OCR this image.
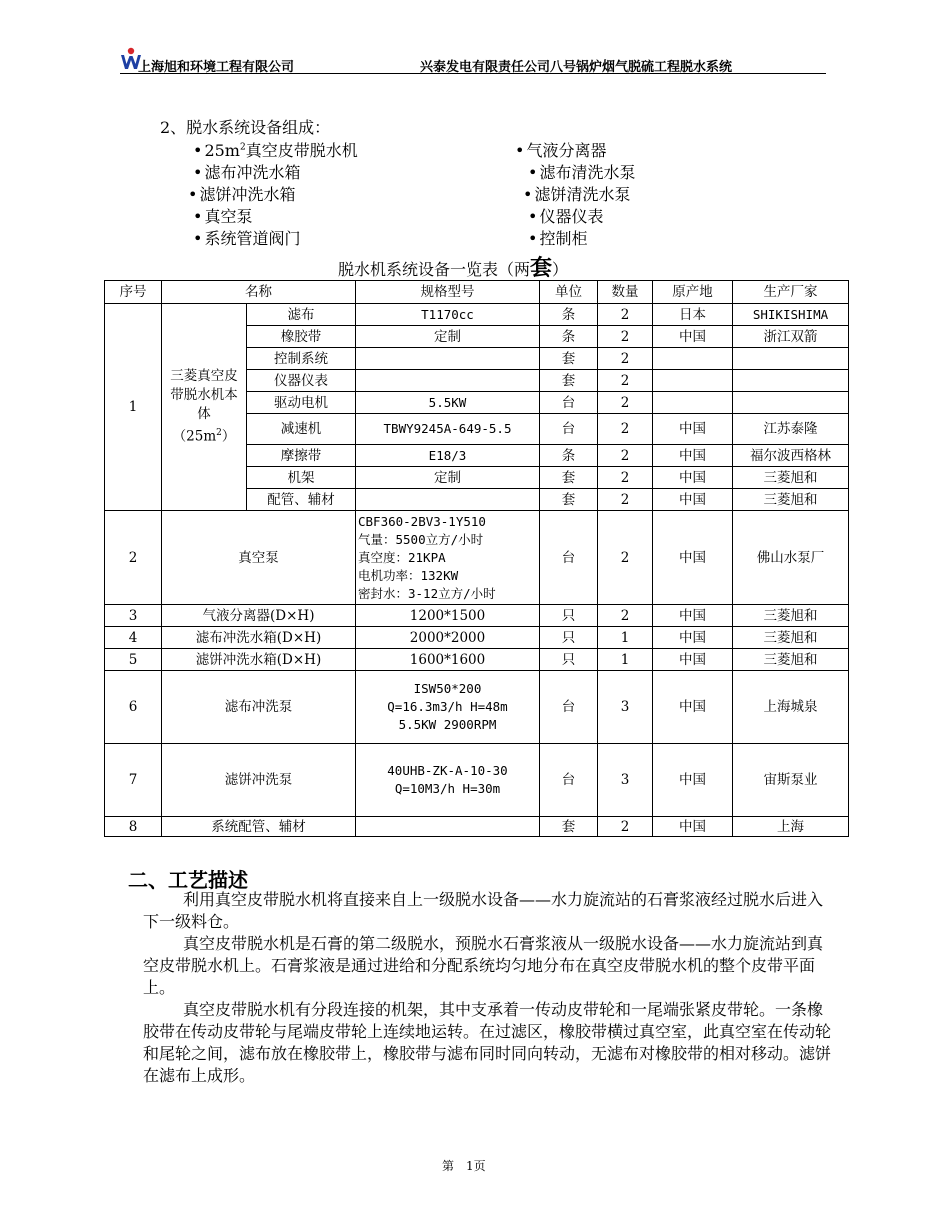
上海旭和环境工程有限公司	兴泰发电有限责任公司八号锅炉烟气脱硫工程脱水系统
2、脱水系统设备组成：
• $25m^2$真空皮带脱水机
• 滤布冲洗水箱
• 滤饼冲洗水箱
• 真空泵
• 系统管道阀门
• 气液分离器
• 滤布清洗水泵
• 滤饼清洗水泵
• 仪器仪表
• 控制柜
脱水机系统设备一览表（两套）
序号	名称		规格型号	单位	数量	原产地	生产厂家
1	三菱真空皮带脱水机本体$(25m^2)$	滤布	T1170cc	条	2	日本	SHIKISHIMA
		橡胶带	定制	条	2	中国	浙江双箭
		控制系统		套	2		
		仪器仪表		套	2		
		驱动电机	5.5KW	台	2		
		减速机	TBWY9245A-649-5.5	台	2	中国	江苏泰隆
		摩擦带	E18/3	条	2	中国	福尔波西格林
		机架	定制	套	2	中国	三菱旭和
		配管、辅材		套	2	中国	三菱旭和
2	真空泵		CBF360-2BV3-1Y510
气量：5500立方/小时
真空度：21KPA
电机功率：132KW
密封水：3-12立方/小时	台	2	中国	佛山水泵厂
3	气液分离器(D×H)		1200*1500	只	2	中国	三菱旭和
4	滤布冲洗水箱(D×H)		2000*2000	只	1	中国	三菱旭和
5	滤饼冲洗水箱(D×H)		1600*1600	只	1	中国	三菱旭和
6	滤布冲洗泵		ISW50*200
Q=16.3m3/h H=48m
5.5KW 2900RPM	台	3	中国	上海城泉
7	滤饼冲洗泵		40UHB-ZK-A-10-30
Q=10M3/h H=30m	台	3	中国	宙斯泵业
8	系统配管、辅材			套	2	中国	上海
二、工艺描述
利用真空皮带脱水机将直接来自上一级脱水设备——水力旋流站的石膏浆液经过脱水后进入下一级料仓。
真空皮带脱水机是石膏的第二级脱水，预脱水石膏浆液从一级脱水设备——水力旋流站到真空皮带脱水机上。石膏浆液是通过进给和分配系统均匀地分布在真空皮带脱水机的整个皮带平面上。
真空皮带脱水机有分段连接的机架，其中支承着一传动皮带轮和一尾端张紧皮带轮。一条橡胶带在传动皮带轮与尾端皮带轮上连续地运转。在过滤区，橡胶带横过真空室，此真空室在传动轮和尾轮之间，滤布放在橡胶带上，橡胶带与滤布同时同向转动，无滤布对橡胶带的相对移动。滤饼在滤布上成形。
第　1页
